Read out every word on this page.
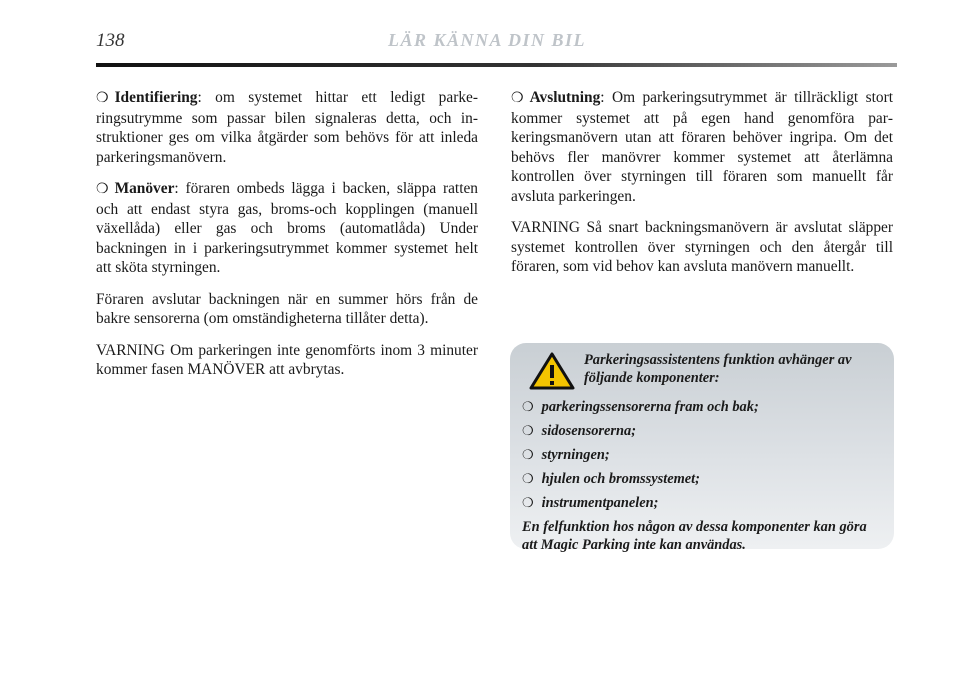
138	LÄR KÄNNA DIN BIL

❍ Identifiering: om systemet hittar ett ledigt parkeringsutrymme som passar bilen signaleras detta, och instruktioner ges om vilka åtgärder som behövs för att inleda parkeringsmanövern.

❍ Manöver: föraren ombeds lägga i backen, släppa ratten och att endast styra gas, broms-och kopplingen (manuell växellåda) eller gas och broms (automatlåda) Under backningen in i parkeringsutrymmet kommer systemet helt att sköta styrningen.

Föraren avslutar backningen när en summer hörs från de bakre sensorerna (om omständigheterna tillåter detta).

VARNING Om parkeringen inte genomförts inom 3 minuter kommer fasen MANÖVER att avbrytas.

❍ Avslutning: Om parkeringsutrymmet är tillräckligt stort kommer systemet att på egen hand genomföra parkeringsmanövern utan att föraren behöver ingripa. Om det behövs fler manövrer kommer systemet att återlämna kontrollen över styrningen till föraren som manuellt får avsluta parkeringen.

VARNING Så snart backningsmanövern är avslutat släpper systemet kontrollen över styrningen och den återgår till föraren, som vid behov kan avsluta manövern manuellt.

Parkeringsassistentens funktion avhänger av följande komponenter:
❍ parkeringssensorerna fram och bak;
❍ sidosensorerna;
❍ styrningen;
❍ hjulen och bromssystemet;
❍ instrumentpanelen;
En felfunktion hos någon av dessa komponenter kan göra att Magic Parking inte kan användas.
